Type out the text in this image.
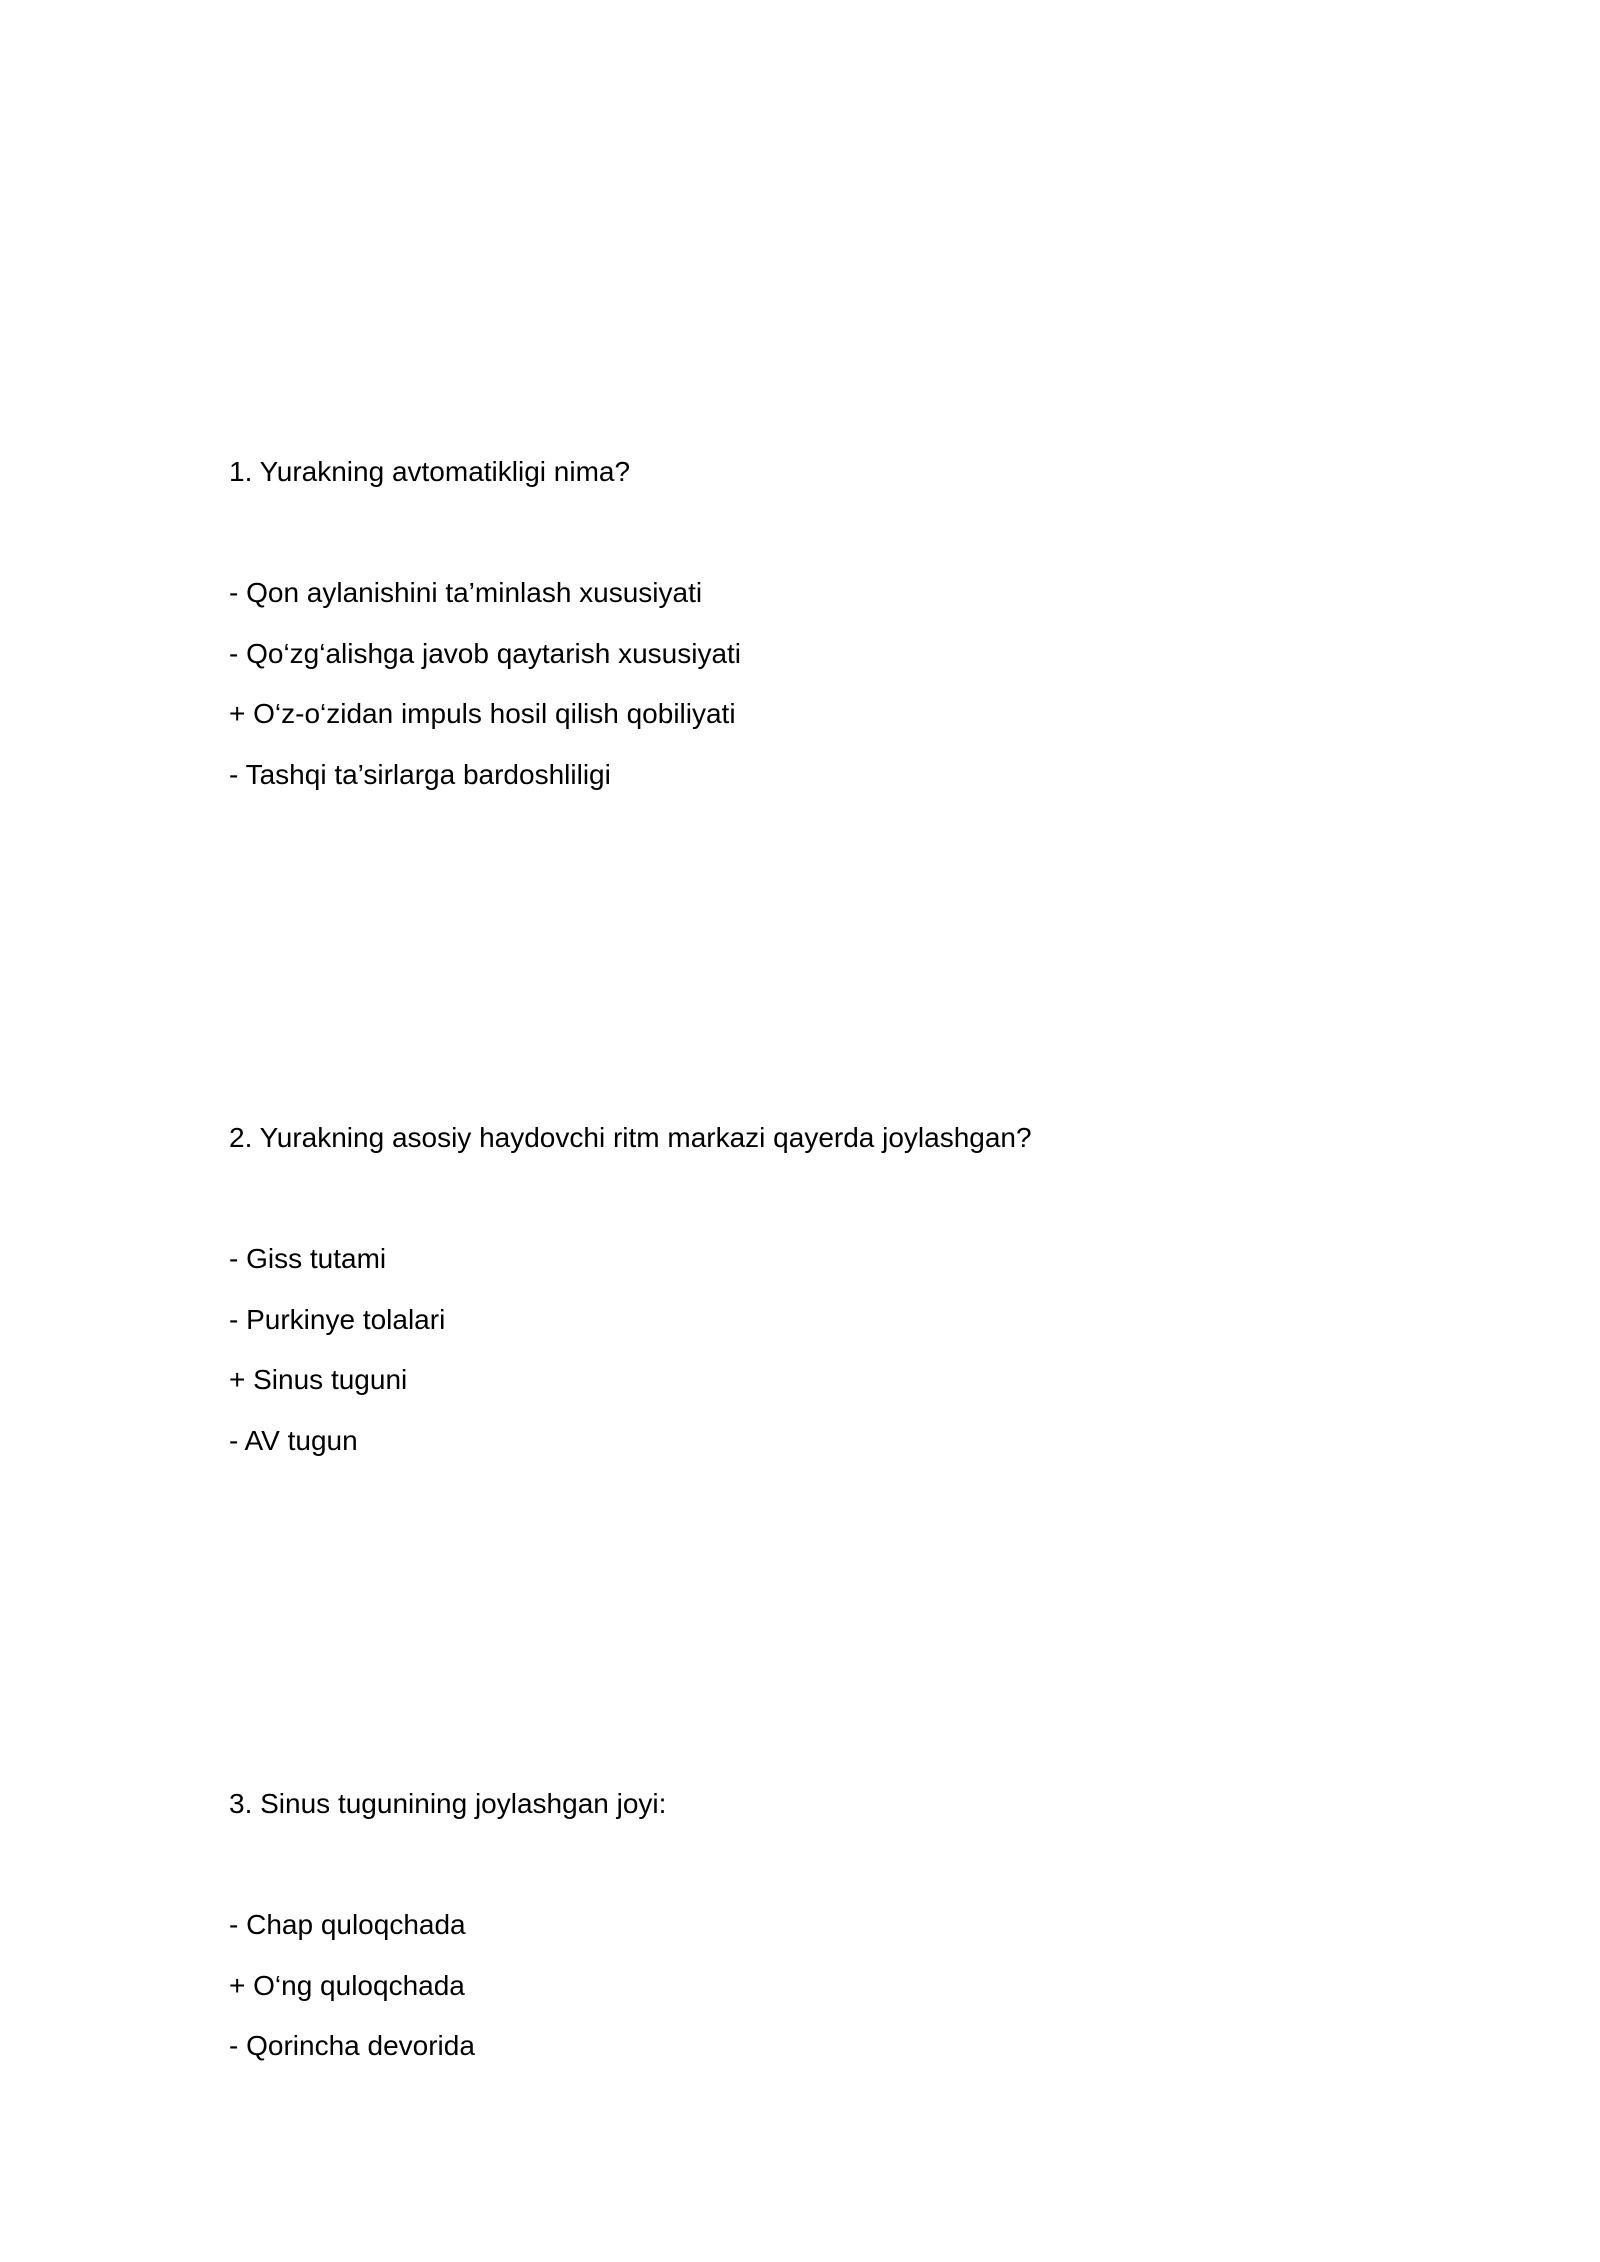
1. Yurakning avtomatikligi nima?

- Qon aylanishini ta’minlash xususiyati
- Qo‘zg‘alishga javob qaytarish xususiyati
+ O‘z-o‘zidan impuls hosil qilish qobiliyati
- Tashqi ta’sirlarga bardoshliligi

2. Yurakning asosiy haydovchi ritm markazi qayerda joylashgan?

- Giss tutami
- Purkinye tolalari
+ Sinus tuguni
- AV tugun

3. Sinus tugunining joylashgan joyi:

- Chap quloqchada
+ O‘ng quloqchada
- Qorincha devorida
